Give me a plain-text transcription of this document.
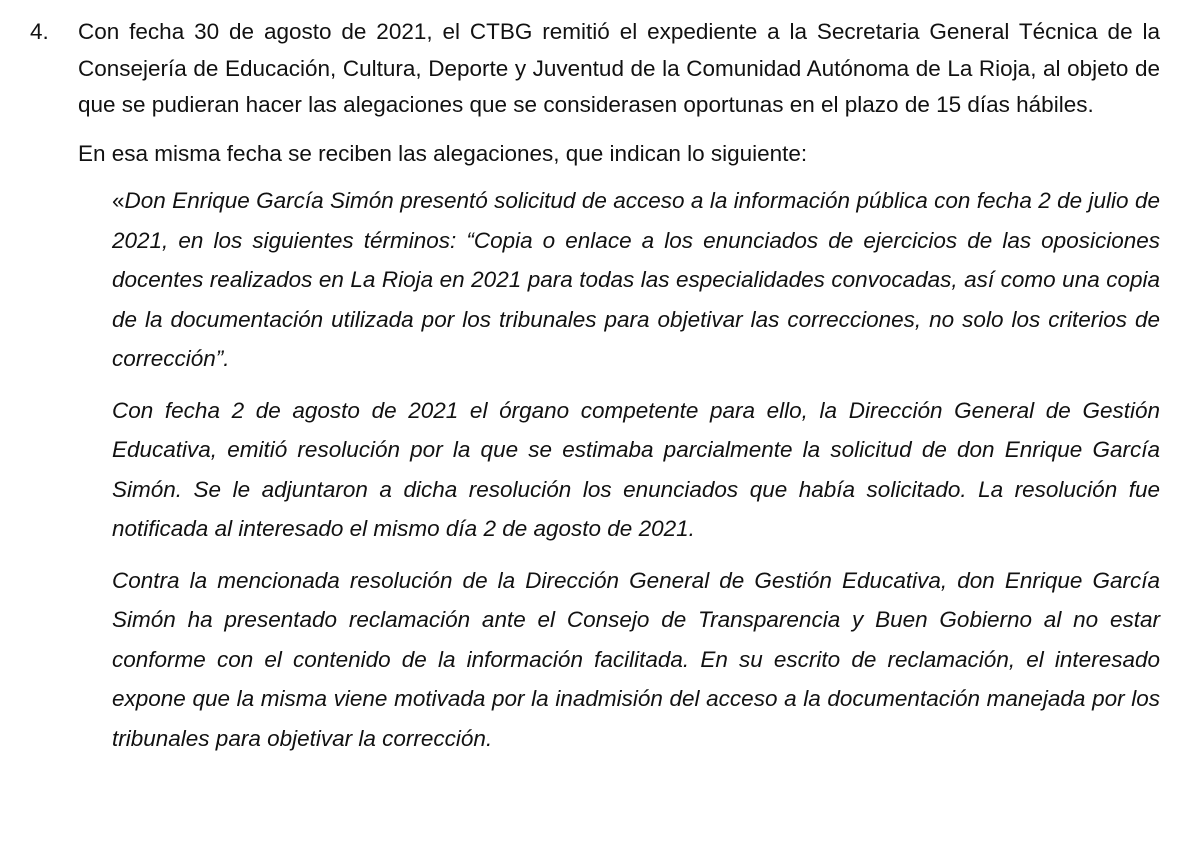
4.	Con fecha 30 de agosto de 2021, el CTBG remitió el expediente a la Secretaria General Técnica de la Consejería de Educación, Cultura, Deporte y Juventud de la Comunidad Autónoma de La Rioja, al objeto de que se pudieran hacer las alegaciones que se considerasen oportunas en el plazo de 15 días hábiles.

En esa misma fecha se reciben las alegaciones, que indican lo siguiente:

«Don Enrique García Simón presentó solicitud de acceso a la información pública con fecha 2 de julio de 2021, en los siguientes términos: “Copia o enlace a los enunciados de ejercicios de las oposiciones docentes realizados en La Rioja en 2021 para todas las especialidades convocadas, así como una copia de la documentación utilizada por los tribunales para objetivar las correcciones, no solo los criterios de corrección”.

Con fecha 2 de agosto de 2021 el órgano competente para ello, la Dirección General de Gestión Educativa, emitió resolución por la que se estimaba parcialmente la solicitud de don Enrique García Simón. Se le adjuntaron a dicha resolución los enunciados que había solicitado. La resolución fue notificada al interesado el mismo día 2 de agosto de 2021.

Contra la mencionada resolución de la Dirección General de Gestión Educativa, don Enrique García Simón ha presentado reclamación ante el Consejo de Transparencia y Buen Gobierno al no estar conforme con el contenido de la información facilitada. En su escrito de reclamación, el interesado expone que la misma viene motivada por la inadmisión del acceso a la documentación manejada por los tribunales para objetivar la corrección.
